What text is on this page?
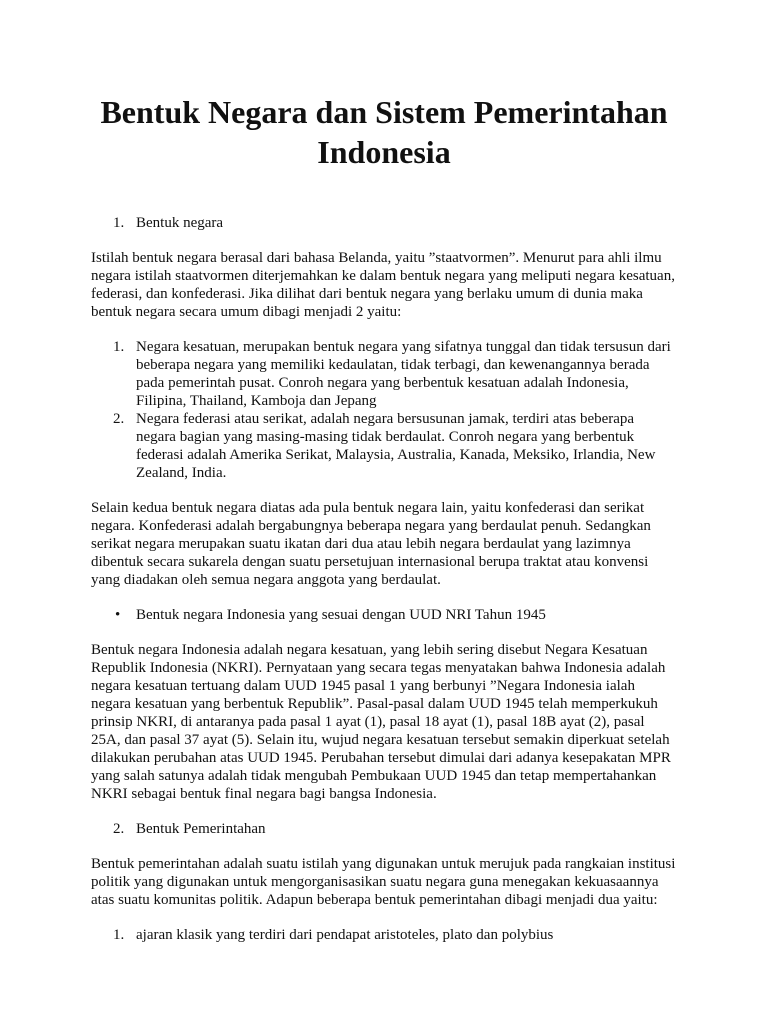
Bentuk Negara dan Sistem Pemerintahan Indonesia
1. Bentuk negara

Istilah bentuk negara berasal dari bahasa Belanda, yaitu ”staatvormen”. Menurut para ahli ilmu negara istilah staatvormen diterjemahkan ke dalam bentuk negara yang meliputi negara kesatuan, federasi, dan konfederasi. Jika dilihat dari bentuk negara yang berlaku umum di dunia maka bentuk negara secara umum dibagi menjadi 2 yaitu:

1. Negara kesatuan, merupakan bentuk negara yang sifatnya tunggal dan tidak tersusun dari beberapa negara yang memiliki kedaulatan, tidak terbagi, dan kewenangannya berada pada pemerintah pusat. Conroh negara yang berbentuk kesatuan adalah Indonesia, Filipina, Thailand, Kamboja dan Jepang
2. Negara federasi atau serikat, adalah negara bersusunan jamak, terdiri atas beberapa negara bagian yang masing-masing tidak berdaulat. Conroh negara yang berbentuk federasi adalah Amerika Serikat, Malaysia, Australia, Kanada, Meksiko, Irlandia, New Zealand, India.

Selain kedua bentuk negara diatas ada pula bentuk negara lain, yaitu konfederasi dan serikat negara. Konfederasi adalah bergabungnya beberapa negara yang berdaulat penuh. Sedangkan serikat negara merupakan suatu ikatan dari dua atau lebih negara berdaulat yang lazimnya dibentuk secara sukarela dengan suatu persetujuan internasional berupa traktat atau konvensi yang diadakan oleh semua negara anggota yang berdaulat.

• Bentuk negara Indonesia yang sesuai dengan UUD NRI Tahun 1945

Bentuk negara Indonesia adalah negara kesatuan, yang lebih sering disebut Negara Kesatuan Republik Indonesia (NKRI). Pernyataan yang secara tegas menyatakan bahwa Indonesia adalah negara kesatuan tertuang dalam UUD 1945 pasal 1 yang berbunyi ”Negara Indonesia ialah negara kesatuan yang berbentuk Republik”. Pasal-pasal dalam UUD 1945 telah memperkukuh prinsip NKRI, di antaranya pada pasal 1 ayat (1), pasal 18 ayat (1), pasal 18B ayat (2), pasal 25A, dan pasal 37 ayat (5). Selain itu, wujud negara kesatuan tersebut semakin diperkuat setelah dilakukan perubahan atas UUD 1945. Perubahan tersebut dimulai dari adanya kesepakatan MPR yang salah satunya adalah tidak mengubah Pembukaan UUD 1945 dan tetap mempertahankan NKRI sebagai bentuk final negara bagi bangsa Indonesia.

2. Bentuk Pemerintahan

Bentuk pemerintahan adalah suatu istilah yang digunakan untuk merujuk pada rangkaian institusi politik yang digunakan untuk mengorganisasikan suatu negara guna menegakan kekuasaannya atas suatu komunitas politik. Adapun beberapa bentuk pemerintahan dibagi menjadi dua yaitu:

1. ajaran klasik yang terdiri dari pendapat aristoteles, plato dan polybius
